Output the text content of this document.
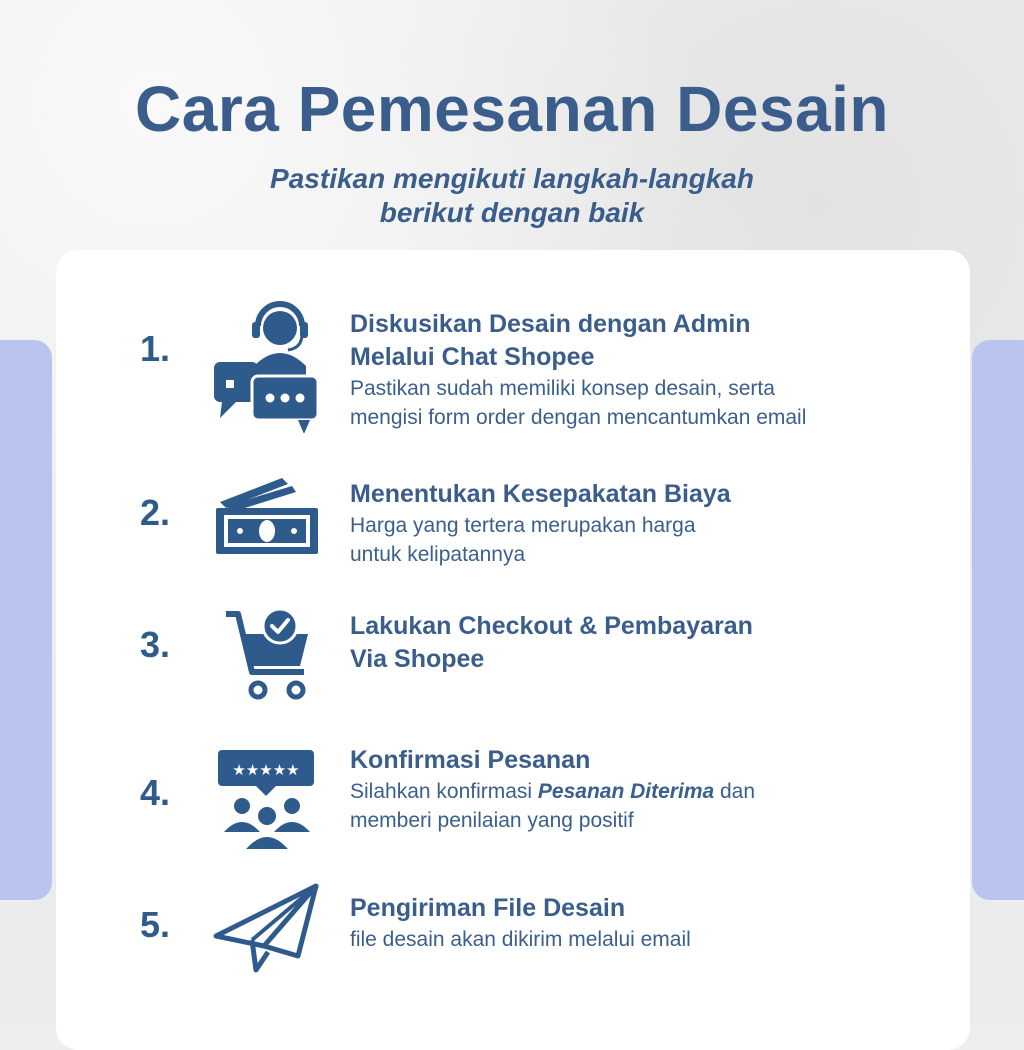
Cara Pemesanan Desain
Pastikan mengikuti langkah-langkah
berikut dengan baik
1.
Diskusikan Desain dengan Admin
Melalui Chat Shopee
Pastikan sudah memiliki konsep desain, serta
mengisi form order dengan mencantumkan email
2.	Menentukan Kesepakatan Biaya
Harga yang tertera merupakan harga
untuk kelipatannya
3.	Lakukan Checkout & Pembayaran
Via Shopee
4.
★★★★★ Konfirmasi Pesanan
Silahkan konfirmasi Pesanan Diterima dan
memberi penilaian yang positif
5.	Pengiriman File Desain
file desain akan dikirim melalui email
